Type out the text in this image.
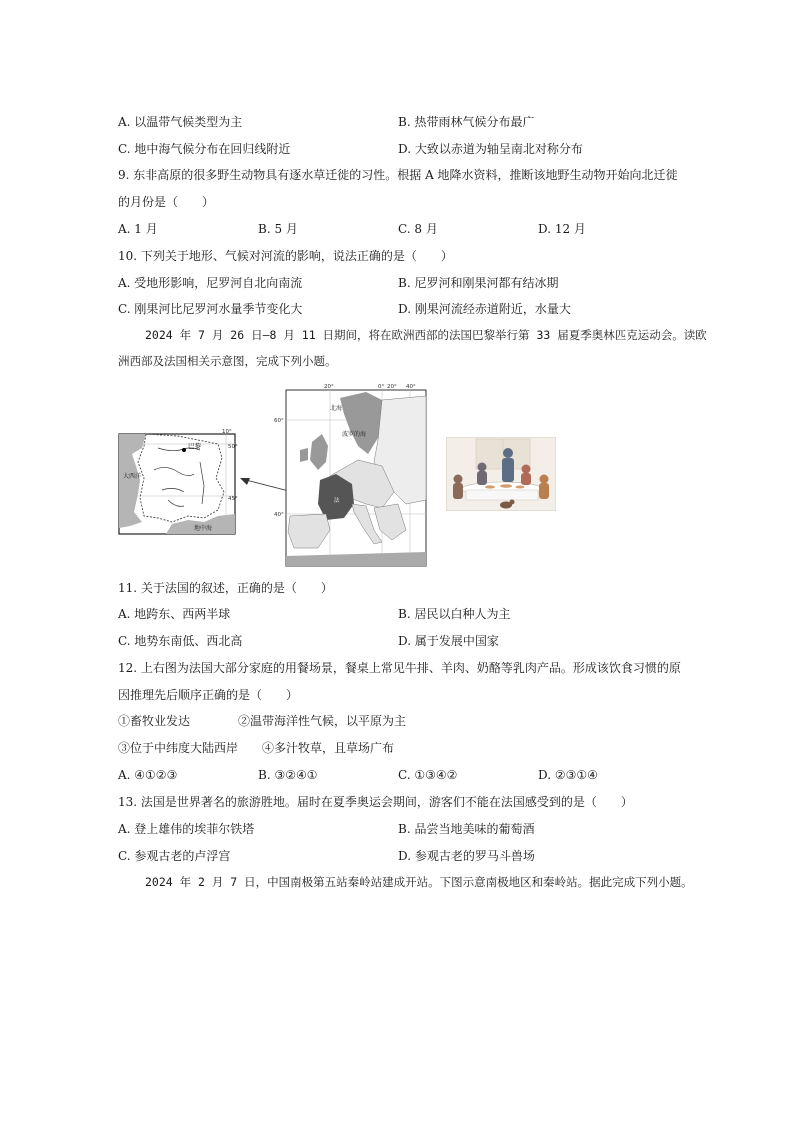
A. 以温带气候类型为主	B. 热带雨林气候分布最广
C. 地中海气候分布在回归线附近	D. 大致以赤道为轴呈南北对称分布
9. 东非高原的很多野生动物具有逐水草迁徙的习性。根据 A 地降水资料，推断该地野生动物开始向北迁徙
的月份是（　　）
A. 1 月	B. 5 月	C. 8 月	D. 12 月
10. 下列关于地形、气候对河流的影响，说法正确的是（　　）
A. 受地形影响，尼罗河自北向南流	B. 尼罗河和刚果河都有结冰期
C. 刚果河比尼罗河水量季节变化大	D. 刚果河流经赤道附近，水量大
2024 年 7 月 26 日—8 月 11 日期间，将在欧洲西部的法国巴黎举行第 33 届夏季奥林匹克运动会。读欧
洲西部及法国相关示意图，完成下列小题。
巴黎
大西洋
地中海
10°
50°
45°
北海
波罗的海
法
20°	0° 20° 40°
60°
40°
11. 关于法国的叙述，正确的是（　　）
A. 地跨东、西两半球	B. 居民以白种人为主
C. 地势东南低、西北高	D. 属于发展中国家
12. 上右图为法国大部分家庭的用餐场景，餐桌上常见牛排、羊肉、奶酪等乳肉产品。形成该饮食习惯的原
因推理先后顺序正确的是（　　）
①畜牧业发达	②温带海洋性气候，以平原为主
③位于中纬度大陆西岸 ④多汁牧草，且草场广布
A. ④①②③	B. ③②④①	C. ①③④②	D. ②③①④
13. 法国是世界著名的旅游胜地。届时在夏季奥运会期间，游客们不能在法国感受到的是（　　）
A. 登上雄伟的埃菲尔铁塔	B. 品尝当地美味的葡萄酒
C. 参观古老的卢浮宫	D. 参观古老的罗马斗兽场
2024 年 2 月 7 日，中国南极第五站秦岭站建成开站。下图示意南极地区和秦岭站。据此完成下列小题。
